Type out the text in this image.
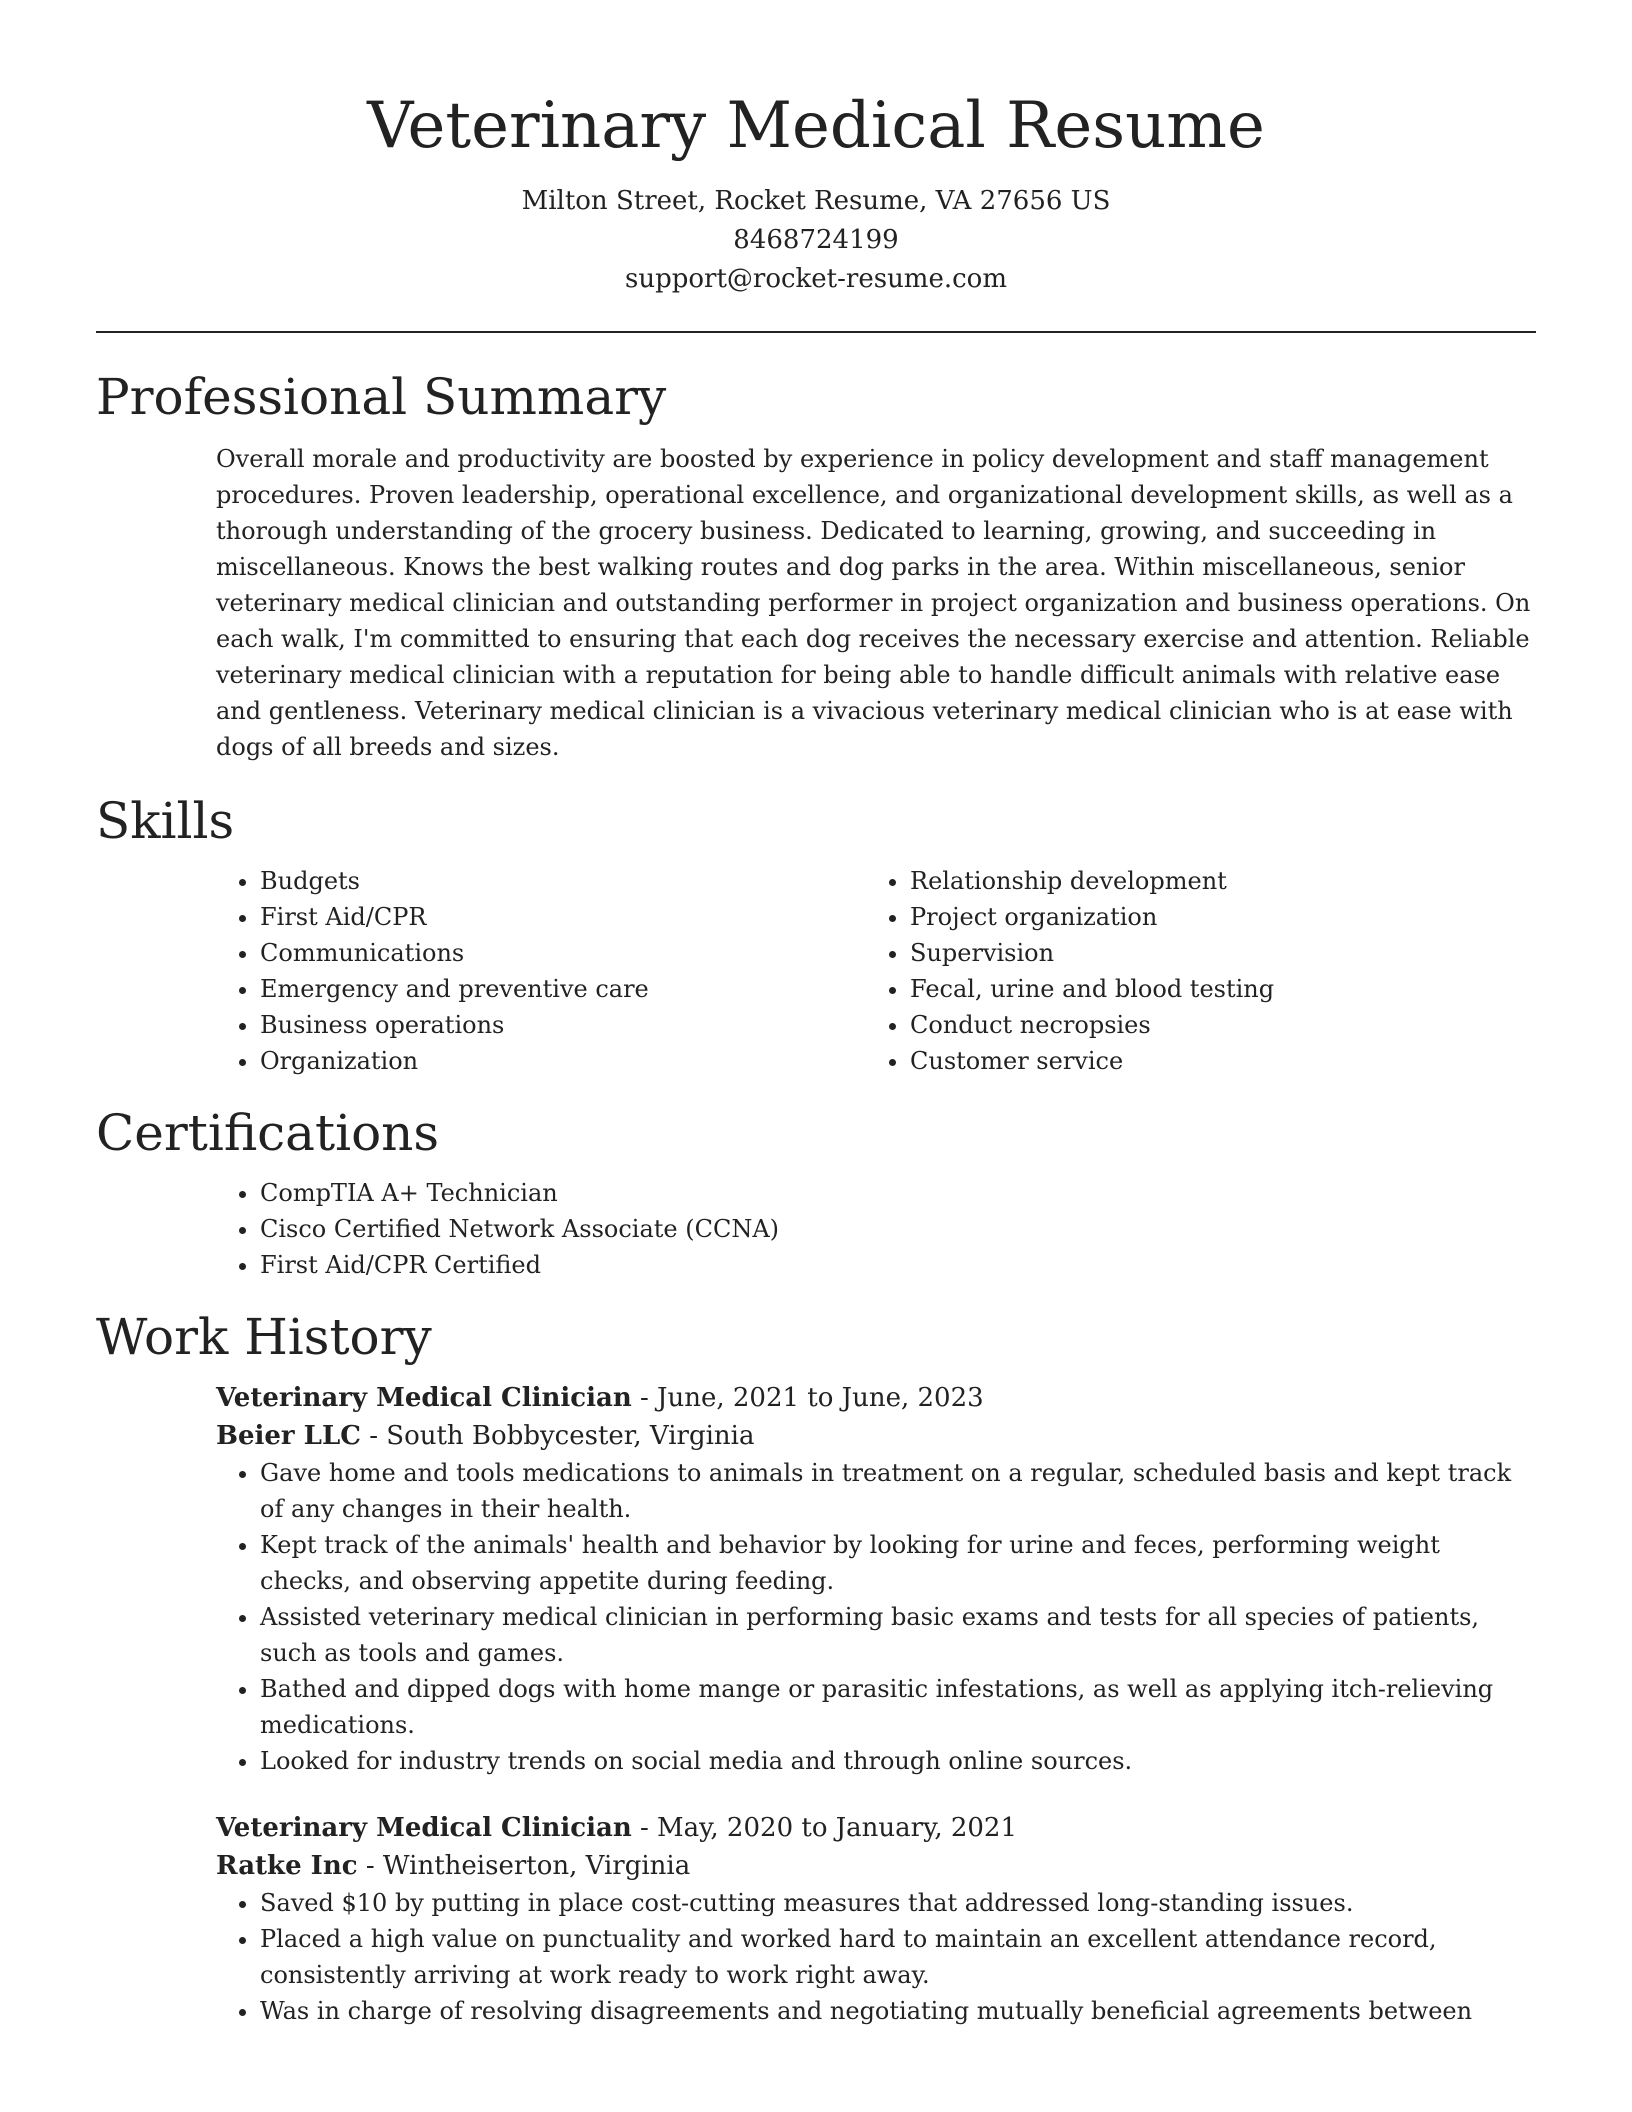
Veterinary Medical Resume
Milton Street, Rocket Resume, VA 27656 US
8468724199
support@rocket-resume.com
Professional Summary
Overall morale and productivity are boosted by experience in policy development and staff management procedures. Proven leadership, operational excellence, and organizational development skills, as well as a thorough understanding of the grocery business. Dedicated to learning, growing, and succeeding in miscellaneous. Knows the best walking routes and dog parks in the area. Within miscellaneous, senior veterinary medical clinician and outstanding performer in project organization and business operations. On each walk, I'm committed to ensuring that each dog receives the necessary exercise and attention. Reliable veterinary medical clinician with a reputation for being able to handle difficult animals with relative ease and gentleness. Veterinary medical clinician is a vivacious veterinary medical clinician who is at ease with dogs of all breeds and sizes.
Skills
• Budgets
• First Aid/CPR
• Communications
• Emergency and preventive care
• Business operations
• Organization
• Relationship development
• Project organization
• Supervision
• Fecal, urine and blood testing
• Conduct necropsies
• Customer service
Certifications
• CompTIA A+ Technician
• Cisco Certified Network Associate (CCNA)
• First Aid/CPR Certified
Work History
Veterinary Medical Clinician - June, 2021 to June, 2023
Beier LLC - South Bobbycester, Virginia
• Gave home and tools medications to animals in treatment on a regular, scheduled basis and kept track of any changes in their health.
• Kept track of the animals' health and behavior by looking for urine and feces, performing weight checks, and observing appetite during feeding.
• Assisted veterinary medical clinician in performing basic exams and tests for all species of patients, such as tools and games.
• Bathed and dipped dogs with home mange or parasitic infestations, as well as applying itch-relieving medications.
• Looked for industry trends on social media and through online sources.
Veterinary Medical Clinician - May, 2020 to January, 2021
Ratke Inc - Wintheiserton, Virginia
• Saved $10 by putting in place cost-cutting measures that addressed long-standing issues.
• Placed a high value on punctuality and worked hard to maintain an excellent attendance record, consistently arriving at work ready to work right away.
• Was in charge of resolving disagreements and negotiating mutually beneficial agreements between
